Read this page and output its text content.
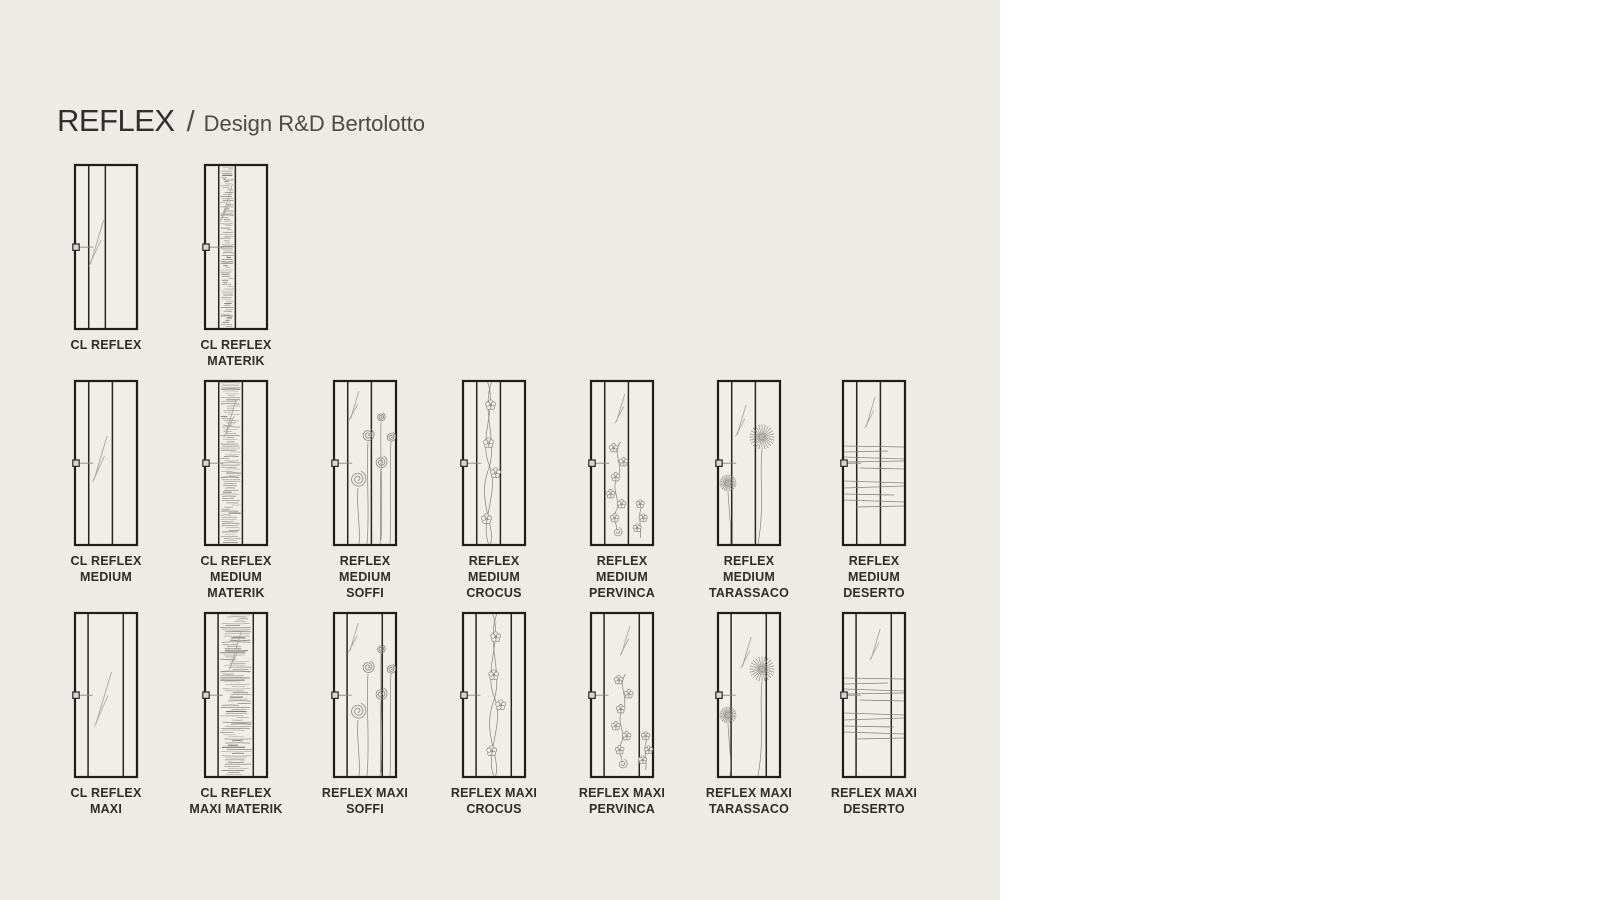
REFLEX / Design R&D Bertolotto
CL REFLEX	CL REFLEX
MATERIK
CL REFLEX
MEDIUM
CL REFLEX
MEDIUM
MATERIK
REFLEX
MEDIUM
SOFFI
REFLEX
MEDIUM
CROCUS
REFLEX
MEDIUM
PERVINCA
REFLEX
MEDIUM
TARASSACO
REFLEX
MEDIUM
DESERTO
CL REFLEX
MAXI
CL REFLEX
MAXI MATERIK
REFLEX MAXI
SOFFI
REFLEX MAXI
CROCUS
REFLEX MAXI
PERVINCA
REFLEX MAXI
TARASSACO
REFLEX MAXI
DESERTO
